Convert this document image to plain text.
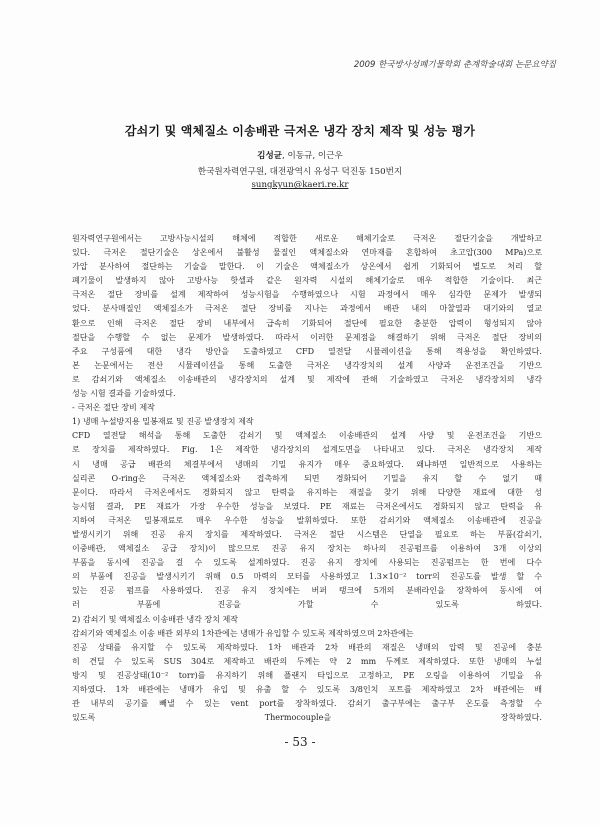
2009 한국방사성폐기물학회 춘계학술대회 논문요약집
감쇠기 및 액체질소 이송배관 극저온 냉각 장치 제작 및 성능 평가
김성균, 이동규, 이근우
한국원자력연구원, 대전광역시 유성구 덕진동 150번지
sungkyun@kaeri.re.kr
원자력연구원에서는 고방사능시설의 해체에 적합한 새로운 해체기술로 극저온 절단기술을 개발하고
있다. 극저온 절단기술은 상온에서 불활성 물질인 액체질소와 연마재를 혼합하여 초고압(300 MPa)으로
가압 분사하여 절단하는 기술을 말한다. 이 기술은 액체질소가 상온에서 쉽게 기화되어 별도로 처리 할
폐기물이 발생하지 않아 고방사능 핫셀과 같은 원자력 시설의 해체기술로 매우 적합한 기술이다. 최근
극저온 절단 장비를 설계 제작하여 성능시험을 수행하였으나 시험 과정에서 매우 심각한 문제가 발생되
었다. 분사매질인 액체질소가 극저온 절단 장비를 지나는 과정에서 배관 내의 마찰열과 대기와의 열교
환으로 인해 극저온 절단 장비 내부에서 급속히 기화되어 절단에 필요한 충분한 압력이 형성되지 않아
절단을 수행할 수 없는 문제가 발생하였다. 따라서 이러한 문제점을 해결하기 위해 극저온 절단 장비의
주요 구성품에 대한 냉각 방안을 도출하였고 CFD 열전달 시뮬레이션을 통해 적용성을 확인하였다.
본 논문에서는 전산 시뮬레이션을 통해 도출한 극저온 냉각장치의 설계 사양과 운전조건을 기반으
로 감쇠기와 액체질소 이송배관의 냉각장치의 설계 및 제작에 관해 기술하였고 극저온 냉각장치의 냉각
성능 시험 결과를 기술하였다.
- 극저온 절단 장비 제작
1) 냉매 누설방지용 밀봉재료 및 진공 발생장치 제작
CFD 열전달 해석을 통해 도출한 감쇠기 및 액체질소 이송배관의 설계 사양 및 운전조건을 기반으
로 장치를 제작하였다. Fig. 1은 제작한 냉각장치의 설계도면을 나타내고 있다. 극저온 냉각장치 제작
시 냉매 공급 배관의 체결부에서 냉매의 기밀 유지가 매우 중요하였다. 왜냐하면 일반적으로 사용하는
실리콘 O-ring은 극저온 액체질소와 접촉하게 되면 경화되어 기밀을 유지 할 수 없기 때
문이다. 따라서 극저온에서도 경화되지 않고 탄력을 유지하는 재질을 찾기 위해 다양한 재료에 대한 성
능시험 결과, PE 재료가 가장 우수한 성능을 보였다. PE 재료는 극저온에서도 경화되지 않고 탄력을 유
지하여 극저온 밀봉재료로 매우 우수한 성능을 발휘하였다. 또한 감쇠기와 액체질소 이송배관에 진공을
발생시키기 위해 진공 유지 장치를 제작하였다. 극저온 절단 시스템은 단열을 필요로 하는 부품(감쇠기,
이중배관, 액체질소 공급 장치)이 많으므로 진공 유지 장치는 하나의 진공펌프를 이용하여 3개 이상의
부품을 동시에 진공을 걸 수 있도록 설계하였다. 진공 유지 장치에 사용되는 진공펌프는 한 번에 다수
의 부품에 진공을 발생시키기 위해 0.5 마력의 모터를 사용하였고 1.3×10⁻² torr의 진공도를 발생 할 수
있는 진공 펌프를 사용하였다. 진공 유지 장치에는 버퍼 탱크에 5개의 분배라인을 장착하여 동시에 여
러 부품에 진공을 가할 수 있도록 하였다.
2) 감쇠기 및 액체질소 이송배관 냉각 장치 제작
감쇠기와 액체질소 이송 배관 외부의 1차관에는 냉매가 유입할 수 있도록 제작하였으며 2차관에는
진공 상태를 유지할 수 있도록 제작하였다. 1차 배관과 2차 배관의 재질은 냉매의 압력 및 진공에 충분
히 견딜 수 있도록 SUS 304로 제작하고 배관의 두께는 약 2 mm 두께로 제작하였다. 또한 냉매의 누설
방지 및 진공상태(10⁻² torr)를 유지하기 위해 플랜지 타입으로 고정하고, PE 오링을 이용하여 기밀을 유
지하였다. 1차 배관에는 냉매가 유입 및 유출 할 수 있도록 3/8인치 포트를 제작하였고 2차 배관에는 배
관 내부의 공기를 빼낼 수 있는 vent port를 장착하였다. 감쇠기 출구부에는 출구부 온도를 측정할 수
있도록 Thermocouple을 장착하였다.
- 53 -
